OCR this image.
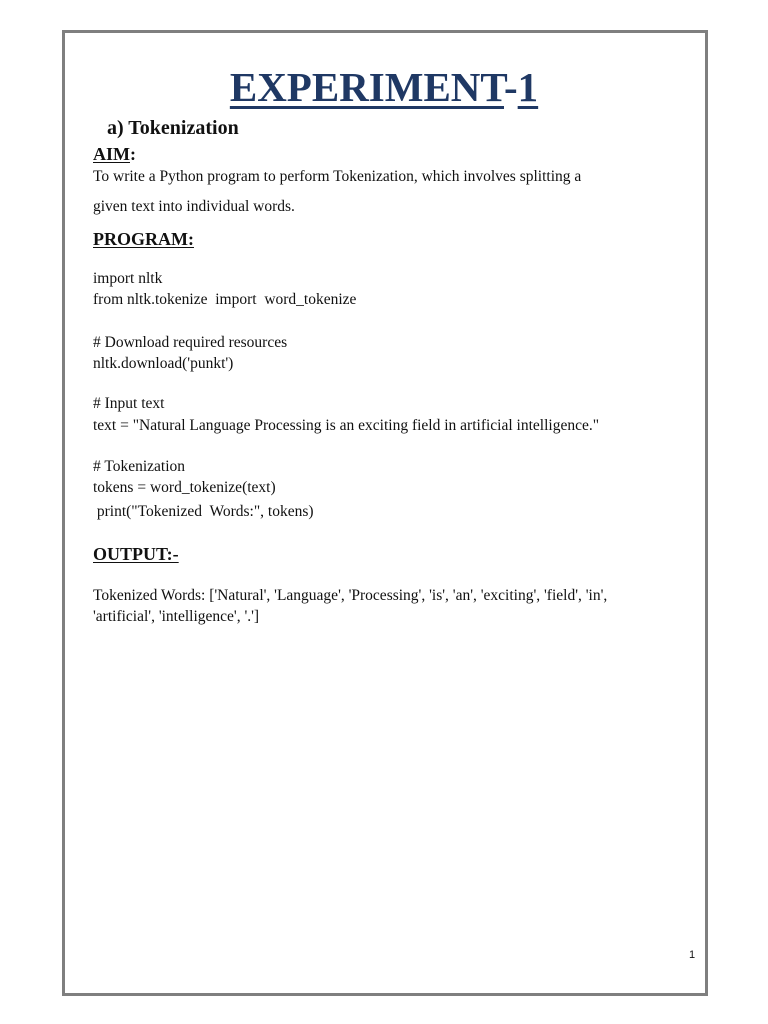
EXPERIMENT-1
a) Tokenization
AIM:
To write a Python program to perform Tokenization, which involves splitting a
given text into individual words.
PROGRAM:
import nltk
from nltk.tokenize  import  word_tokenize
# Download required resources
nltk.download('punkt')
# Input text
text = "Natural Language Processing is an exciting field in artificial intelligence."
# Tokenization
tokens = word_tokenize(text)
print("Tokenized  Words:", tokens)
OUTPUT:-
Tokenized Words: ['Natural', 'Language', 'Processing', 'is', 'an', 'exciting', 'field', 'in',
'artificial', 'intelligence', '.']
1
